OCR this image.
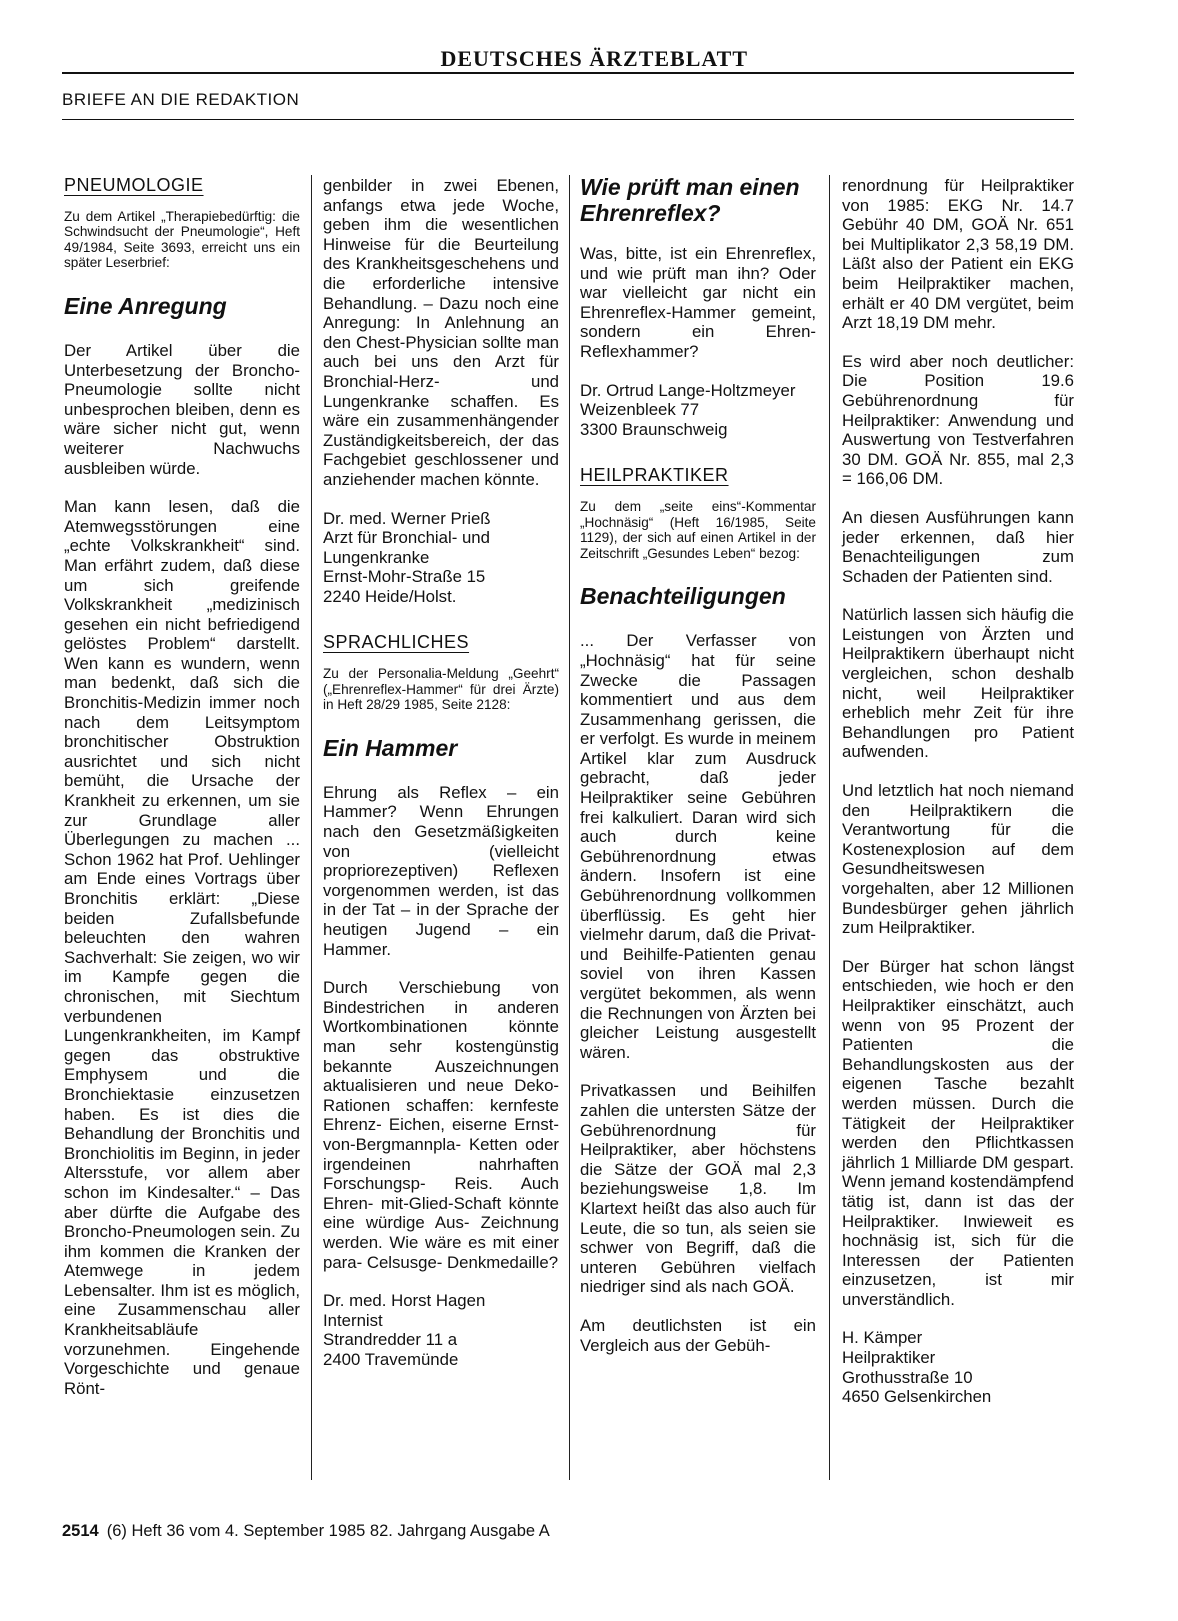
DEUTSCHES ÄRZTEBLATT
BRIEFE AN DIE REDAKTION
PNEUMOLOGIE
Zu dem Artikel „Therapiebedürftig: die Schwindsucht der Pneumologie“, Heft 49/1984, Seite 3693, erreicht uns ein später Leserbrief:
Eine Anregung

Der Artikel über die Unterbesetzung der Broncho-Pneumologie sollte nicht unbesprochen bleiben, denn es wäre sicher nicht gut, wenn weiterer Nachwuchs ausbleiben würde.

Man kann lesen, daß die Atemwegsstörungen eine „echte Volkskrankheit“ sind. Man erfährt zudem, daß diese um sich greifende Volkskrankheit „medizinisch gesehen ein nicht befriedigend gelöstes Problem“ darstellt. Wen kann es wundern, wenn man bedenkt, daß sich die Bronchitis-Medizin immer noch nach dem Leitsymptom bronchitischer Obstruktion ausrichtet und sich nicht bemüht, die Ursache der Krankheit zu erkennen, um sie zur Grundlage aller Überlegungen zu machen ... Schon 1962 hat Prof. Uehlinger am Ende eines Vortrags über Bronchitis erklärt: „Diese beiden Zufallsbefunde beleuchten den wahren Sachverhalt: Sie zeigen, wo wir im Kampfe gegen die chronischen, mit Siechtum verbundenen Lungenkrankheiten, im Kampf gegen das obstruktive Emphysem und die Bronchiektasie einzusetzen haben. Es ist dies die Behandlung der Bronchitis und Bronchiolitis im Beginn, in jeder Altersstufe, vor allem aber schon im Kindesalter.“ – Das aber dürfte die Aufgabe des Broncho-Pneumologen sein. Zu ihm kommen die Kranken der Atemwege in jedem Lebensalter. Ihm ist es möglich, eine Zusammenschau aller Krankheitsabläufe vorzunehmen. Eingehende Vorgeschichte und genaue Rönt-

genbilder in zwei Ebenen, anfangs etwa jede Woche, geben ihm die wesentlichen Hinweise für die Beurteilung des Krankheitsgeschehens und die erforderliche intensive Behandlung. – Dazu noch eine Anregung: In Anlehnung an den Chest-Physician sollte man auch bei uns den Arzt für Bronchial-Herz- und Lungenkranke schaffen. Es wäre ein zusammenhängender Zuständigkeitsbereich, der das Fachgebiet geschlossener und anziehender machen könnte.

Dr. med. Werner Prieß
Arzt für Bronchial- und Lungenkranke
Ernst-Mohr-Straße 15
2240 Heide/Holst.
SPRACHLICHES
Zu der Personalia-Meldung „Geehrt“ („Ehrenreflex-Hammer“ für drei Ärzte) in Heft 28/29 1985, Seite 2128:
Ein Hammer

Ehrung als Reflex – ein Hammer? Wenn Ehrungen nach den Gesetzmäßigkeiten von (vielleicht propriorezeptiven) Reflexen vorgenommen werden, ist das in der Tat – in der Sprache der heutigen Jugend – ein Hammer.

Durch Verschiebung von Bindestrichen in anderen Wortkombinationen könnte man sehr kostengünstig bekannte Auszeichnungen aktualisieren und neue Deko- Rationen schaffen: kernfeste Ehrenz- Eichen, eiserne Ernst-von-Bergmannpla- Ketten oder irgendeinen nahrhaften Forschungsp- Reis. Auch Ehren- mit-Glied-Schaft könnte eine würdige Aus- Zeichnung werden. Wie wäre es mit einer para- Celsusge- Denkmedaille?

Dr. med. Horst Hagen
Internist
Strandredder 11 a
2400 Travemünde
Wie prüft man einen Ehrenreflex?

Was, bitte, ist ein Ehrenreflex, und wie prüft man ihn? Oder war vielleicht gar nicht ein Ehrenreflex-Hammer gemeint, sondern ein Ehren-Reflexhammer?

Dr. Ortrud Lange-Holtzmeyer
Weizenbleek 77
3300 Braunschweig
HEILPRAKTIKER
Zu dem „seite eins“-Kommentar „Hochnäsig“ (Heft 16/1985, Seite 1129), der sich auf einen Artikel in der Zeitschrift „Gesundes Leben“ bezog:
Benachteiligungen

... Der Verfasser von „Hochnäsig“ hat für seine Zwecke die Passagen kommentiert und aus dem Zusammenhang gerissen, die er verfolgt. Es wurde in meinem Artikel klar zum Ausdruck gebracht, daß jeder Heilpraktiker seine Gebühren frei kalkuliert. Daran wird sich auch durch keine Gebührenordnung etwas ändern. Insofern ist eine Gebührenordnung vollkommen überflüssig. Es geht hier vielmehr darum, daß die Privat- und Beihilfe-Patienten genau soviel von ihren Kassen vergütet bekommen, als wenn die Rechnungen von Ärzten bei gleicher Leistung ausgestellt wären.

Privatkassen und Beihilfen zahlen die untersten Sätze der Gebührenordnung für Heilpraktiker, aber höchstens die Sätze der GOÄ mal 2,3 beziehungsweise 1,8. Im Klartext heißt das also auch für Leute, die so tun, als seien sie schwer von Begriff, daß die unteren Gebühren vielfach niedriger sind als nach GOÄ.

Am deutlichsten ist ein Vergleich aus der Gebüh-

renordnung für Heilpraktiker von 1985: EKG Nr. 14.7 Gebühr 40 DM, GOÄ Nr. 651 bei Multiplikator 2,3 58,19 DM. Läßt also der Patient ein EKG beim Heilpraktiker machen, erhält er 40 DM vergütet, beim Arzt 18,19 DM mehr.

Es wird aber noch deutlicher: Die Position 19.6 Gebührenordnung für Heilpraktiker: Anwendung und Auswertung von Testverfahren 30 DM. GOÄ Nr. 855, mal 2,3 = 166,06 DM.

An diesen Ausführungen kann jeder erkennen, daß hier Benachteiligungen zum Schaden der Patienten sind.

Natürlich lassen sich häufig die Leistungen von Ärzten und Heilpraktikern überhaupt nicht vergleichen, schon deshalb nicht, weil Heilpraktiker erheblich mehr Zeit für ihre Behandlungen pro Patient aufwenden.

Und letztlich hat noch niemand den Heilpraktikern die Verantwortung für die Kostenexplosion auf dem Gesundheitswesen vorgehalten, aber 12 Millionen Bundesbürger gehen jährlich zum Heilpraktiker.

Der Bürger hat schon längst entschieden, wie hoch er den Heilpraktiker einschätzt, auch wenn von 95 Prozent der Patienten die Behandlungskosten aus der eigenen Tasche bezahlt werden müssen. Durch die Tätigkeit der Heilpraktiker werden den Pflichtkassen jährlich 1 Milliarde DM gespart. Wenn jemand kostendämpfend tätig ist, dann ist das der Heilpraktiker. Inwieweit es hochnäsig ist, sich für die Interessen der Patienten einzusetzen, ist mir unverständlich.

H. Kämper
Heilpraktiker
Grothusstraße 10
4650 Gelsenkirchen
2514 (6) Heft 36 vom 4. September 1985 82. Jahrgang Ausgabe A
